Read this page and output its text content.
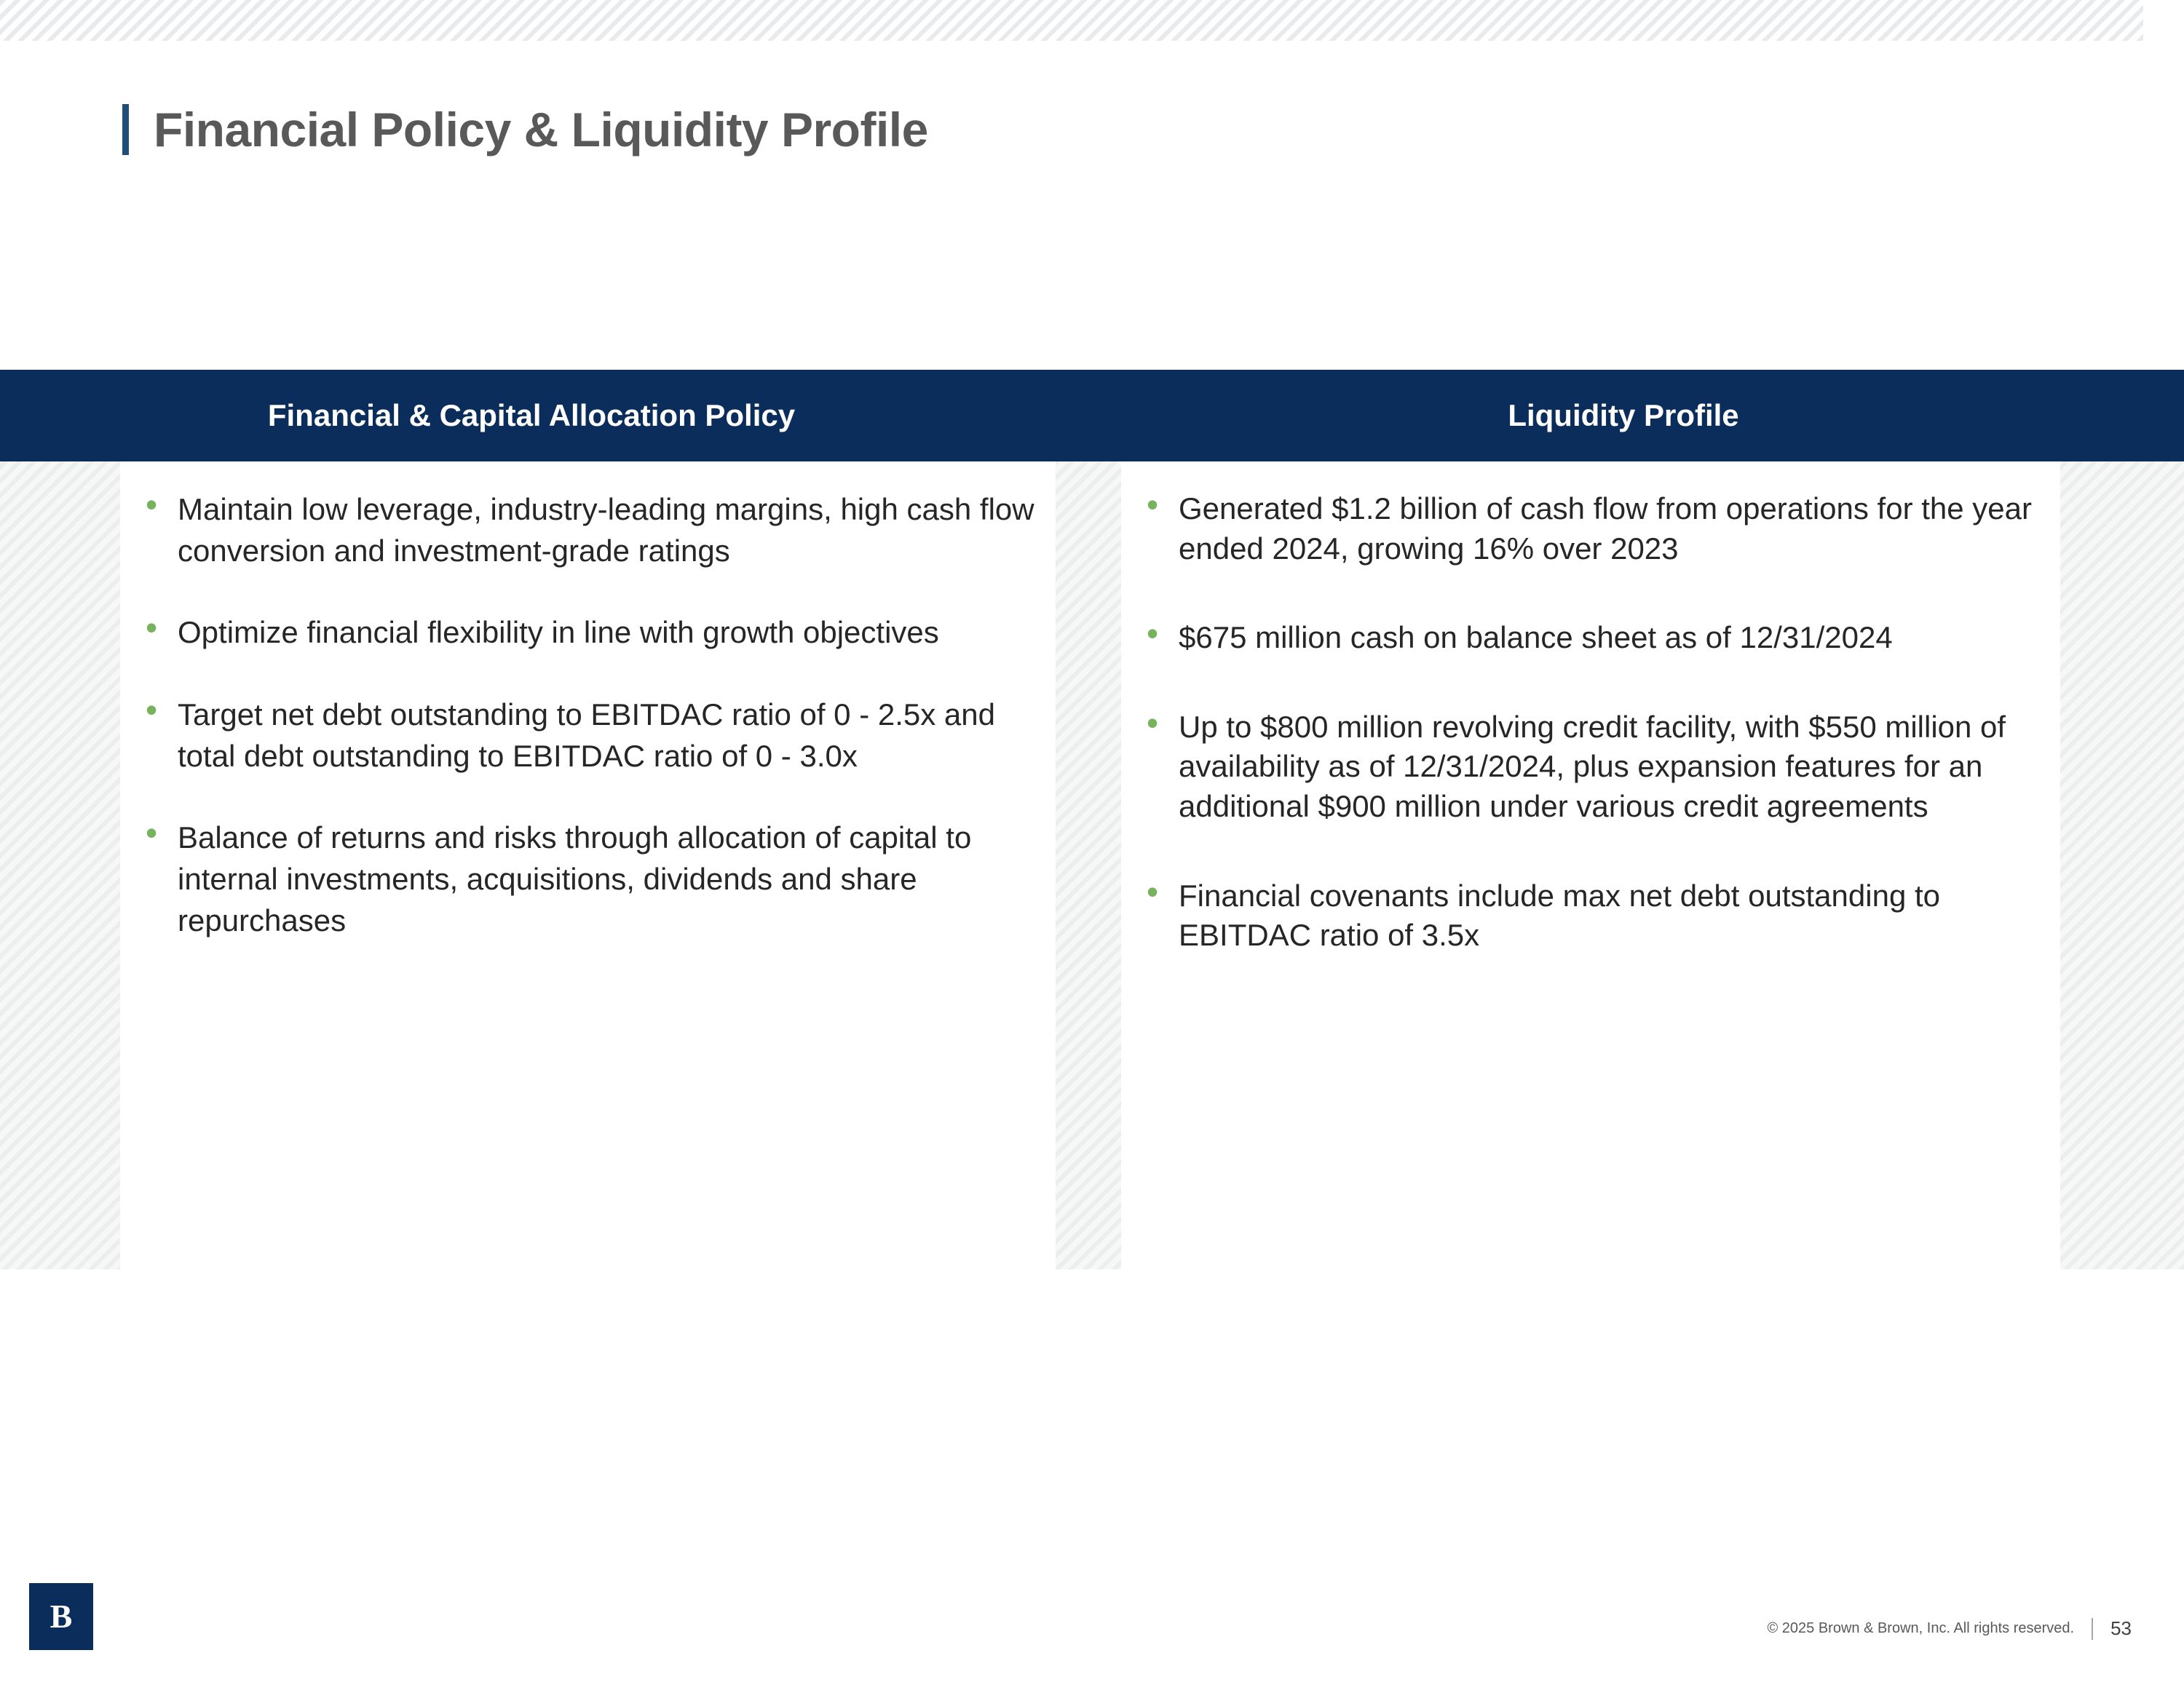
Financial Policy & Liquidity Profile
Financial & Capital Allocation Policy	Liquidity Profile
• Maintain low leverage, industry-leading margins, high cash flow conversion and investment-grade ratings
• Optimize financial flexibility in line with growth objectives
• Target net debt outstanding to EBITDAC ratio of 0 - 2.5x and total debt outstanding to EBITDAC ratio of 0 - 3.0x
• Balance of returns and risks through allocation of capital to internal investments, acquisitions, dividends and share repurchases
• Generated $1.2 billion of cash flow from operations for the year ended 2024, growing 16% over 2023
• $675 million cash on balance sheet as of 12/31/2024
• Up to $800 million revolving credit facility, with $550 million of availability as of 12/31/2024, plus expansion features for an additional $900 million under various credit agreements
• Financial covenants include max net debt outstanding to EBITDAC ratio of 3.5x
B	© 2025 Brown & Brown, Inc. All rights reserved. 53
